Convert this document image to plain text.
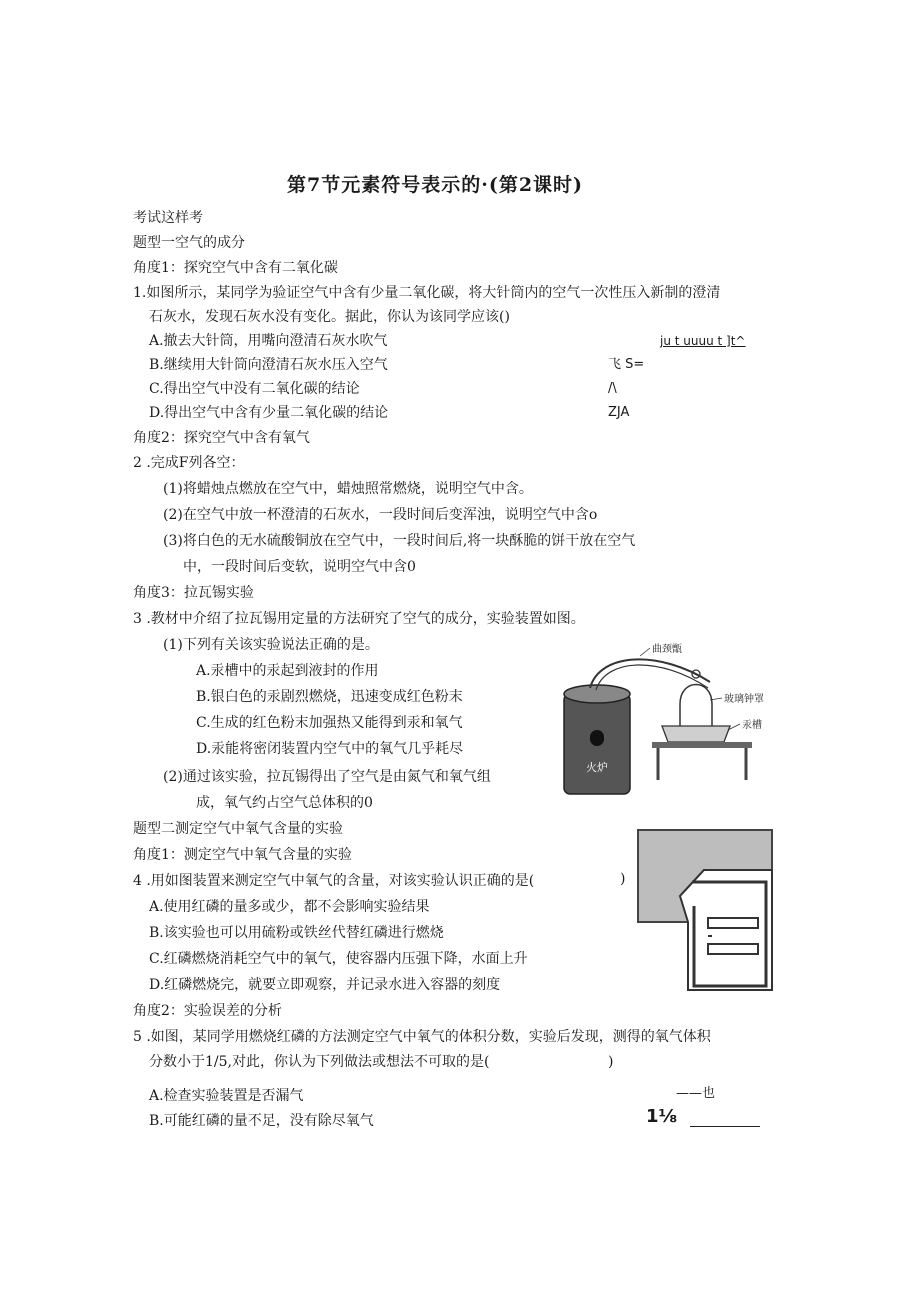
第7节元素符号表示的·(第2课时)
考试这样考
题型一空气的成分
角度1：探究空气中含有二氧化碳
1.如图所示，某同学为验证空气中含有少量二氧化碳，将大针筒内的空气一次性压入新制的澄清
石灰水，发现石灰水没有变化。据此，你认为该同学应该()
A.撤去大针筒，用嘴向澄清石灰水吹气
B.继续用大针筒向澄清石灰水压入空气
C.得出空气中没有二氧化碳的结论
D.得出空气中含有少量二氧化碳的结论
ju t uuuu t ]t^
飞 S=
/\
ZJA
角度2：探究空气中含有氧气
2 .完成F列各空：
(1)将蜡烛点燃放在空气中，蜡烛照常燃烧，说明空气中含。
(2)在空气中放一杯澄清的石灰水，一段时间后变浑浊，说明空气中含o
(3)将白色的无水硫酸铜放在空气中，一段时间后,将一块酥脆的饼干放在空气
中，一段时间后变软，说明空气中含0
角度3：拉瓦锡实验
3 .教材中介绍了拉瓦锡用定量的方法研究了空气的成分，实验装置如图。
(1)下列有关该实验说法正确的是。
A.汞槽中的汞起到液封的作用
B.银白色的汞剧烈燃烧，迅速变成红色粉末
C.生成的红色粉末加强热又能得到汞和氧气
D.汞能将密闭装置内空气中的氧气几乎耗尽
(2)通过该实验，拉瓦锡得出了空气是由氮气和氧气组
成，氧气约占空气总体积的0
火炉
曲颈甑
玻璃钟罩
汞槽
题型二测定空气中氧气含量的实验
角度1：测定空气中氧气含量的实验
4 .用如图装置来测定空气中氧气的含量，对该实验认识正确的是(	)
A.使用红磷的量多或少，都不会影响实验结果
B.该实验也可以用硫粉或铁丝代替红磷进行燃烧
C.红磷燃烧消耗空气中的氧气，使容器内压强下降，水面上升
D.红磷燃烧完，就要立即观察，并记录水进入容器的刻度
角度2：实验误差的分析
5 .如图，某同学用燃烧红磷的方法测定空气中氧气的体积分数，实验后发现，测得的氧气体积
分数小于1/5,对此，你认为下列做法或想法不可取的是(	)
A.检查实验装置是否漏气
B.可能红磷的量不足，没有除尽氧气
——也
1⅛
